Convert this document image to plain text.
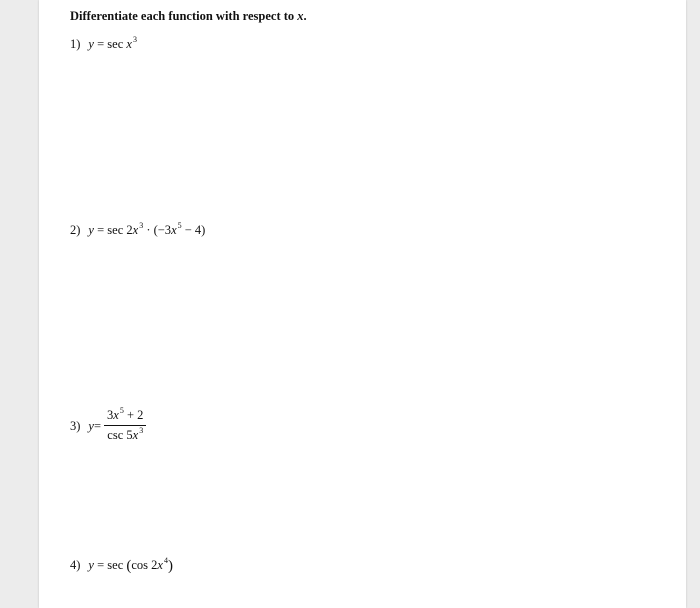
Differentiate each function with respect to x.
1) $y = \sec x^3$
2) $y = \sec 2x^3 \cdot (-3x^5 - 4)$
3) $y = \frac{3x^5 + 2}{\csc 5x^3}$
4) y = sec (cos $2x^4$)
